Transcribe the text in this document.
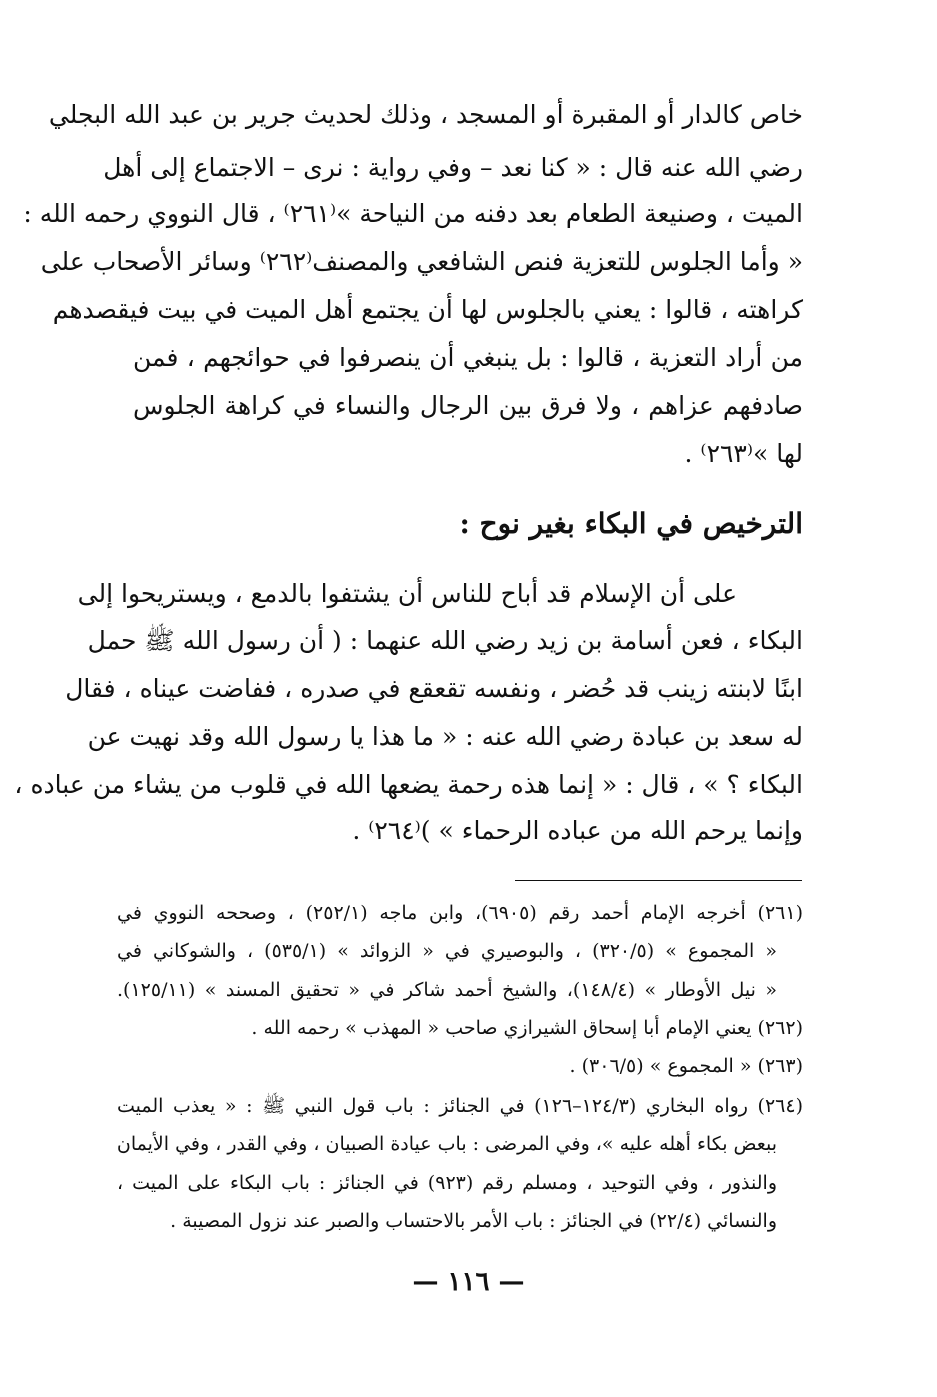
خاص كالدار أو المقبرة أو المسجد ، وذلك لحديث جرير بن عبد الله البجلي
رضي الله عنه قال : « كنا نعد – وفي رواية : نرى – الاجتماع إلى أهل
الميت ، وصنيعة الطعام بعد دفنه من النياحة »⁽٢٦١⁾ ، قال النووي رحمه الله :
« وأما الجلوس للتعزية فنص الشافعي والمصنف⁽٢٦٢⁾ وسائر الأصحاب على
كراهته ، قالوا : يعني بالجلوس لها أن يجتمع أهل الميت في بيت فيقصدهم
من أراد التعزية ، قالوا : بل ينبغي أن ينصرفوا في حوائجهم ، فمن
صادفهم عزاهم ، ولا فرق بين الرجال والنساء في كراهة الجلوس
لها »⁽٢٦٣⁾ .
الترخيص في البكاء بغير نوح :
على أن الإسلام قد أباح للناس أن يشتفوا بالدمع ، ويستريحوا إلى
البكاء ، فعن أسامة بن زيد رضي الله عنهما : ( أن رسول الله ﷺ حمل
ابنًا لابنته زينب قد حُضر ، ونفسه تقعقع في صدره ، ففاضت عيناه ، فقال
له سعد بن عبادة رضي الله عنه : « ما هذا يا رسول الله وقد نهيت عن
البكاء ؟ » ، قال : « إنما هذه رحمة يضعها الله في قلوب من يشاء من عباده ،
وإنما يرحم الله من عباده الرحماء » )⁽٢٦٤⁾ .
(٢٦١) أخرجه الإمام أحمد رقم (٦٩٠٥)، وابن ماجه (٢٥٢/١) ، وصححه النووي في
« المجموع » (٣٢٠/٥) ، والبوصيري في « الزوائد » (٥٣٥/١) ، والشوكاني في
« نيل الأوطار » (١٤٨/٤)، والشيخ أحمد شاكر في « تحقيق المسند » (١٢٥/١١).
(٢٦٢) يعني الإمام أبا إسحاق الشيرازي صاحب « المهذب » رحمه الله .
(٢٦٣) « المجموع » (٣٠٦/٥) .
(٢٦٤) رواه البخاري (١٢٤/٣–١٢٦) في الجنائز : باب قول النبي ﷺ : « يعذب الميت
ببعض بكاء أهله عليه »، وفي المرضى : باب عيادة الصبيان ، وفي القدر ، وفي الأيمان
والنذور ، وفي التوحيد ، ومسلم رقم (٩٢٣) في الجنائز : باب البكاء على الميت ،
والنسائي (٢٢/٤) في الجنائز : باب الأمر بالاحتساب والصبر عند نزول المصيبة .
— ١١٦ —
